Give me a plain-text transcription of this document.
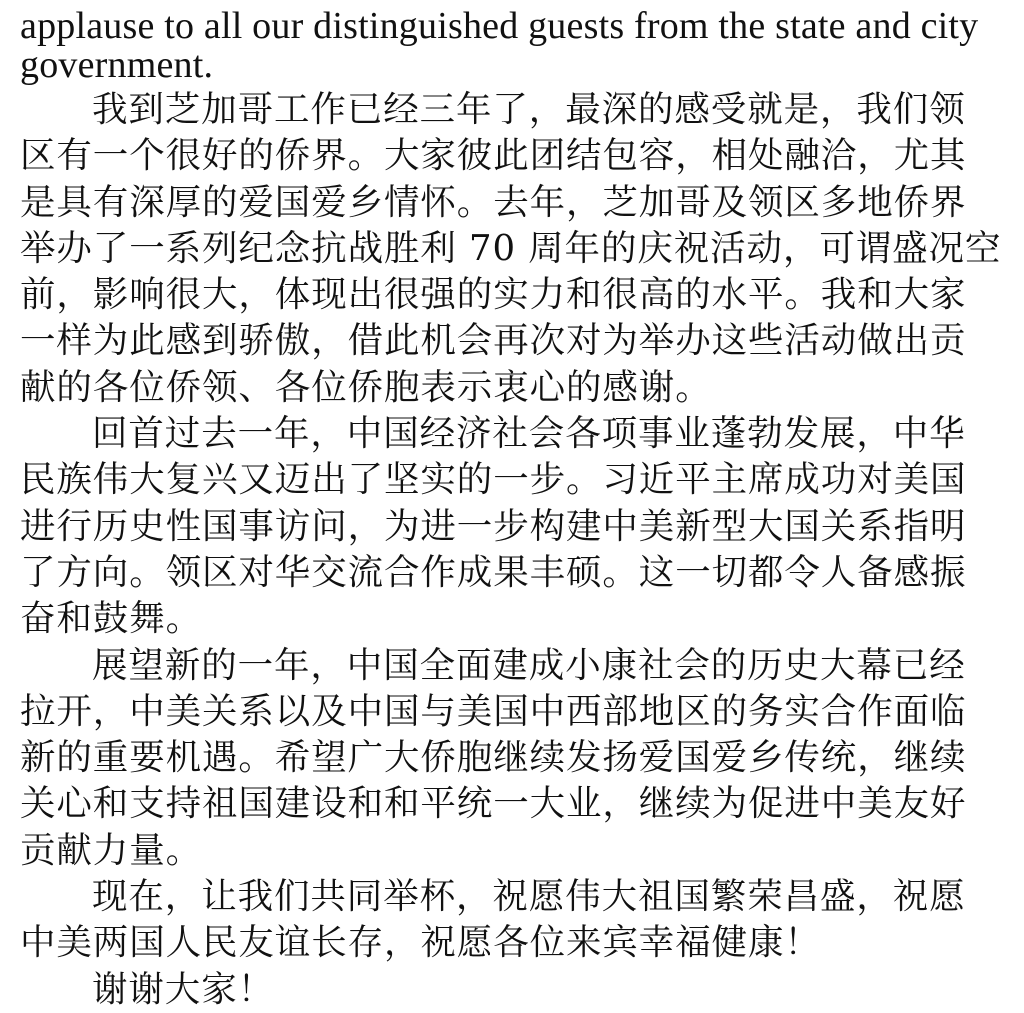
applause to all our distinguished guests from the state and city
government.
我到芝加哥工作已经三年了，最深的感受就是，我们领
区有一个很好的侨界。大家彼此团结包容，相处融洽，尤其
是具有深厚的爱国爱乡情怀。去年，芝加哥及领区多地侨界
举办了一系列纪念抗战胜利 70 周年的庆祝活动，可谓盛况空
前，影响很大，体现出很强的实力和很高的水平。我和大家
一样为此感到骄傲，借此机会再次对为举办这些活动做出贡
献的各位侨领、各位侨胞表示衷心的感谢。
回首过去一年，中国经济社会各项事业蓬勃发展，中华
民族伟大复兴又迈出了坚实的一步。习近平主席成功对美国
进行历史性国事访问，为进一步构建中美新型大国关系指明
了方向。领区对华交流合作成果丰硕。这一切都令人备感振
奋和鼓舞。
展望新的一年，中国全面建成小康社会的历史大幕已经
拉开，中美关系以及中国与美国中西部地区的务实合作面临
新的重要机遇。希望广大侨胞继续发扬爱国爱乡传统，继续
关心和支持祖国建设和和平统一大业，继续为促进中美友好
贡献力量。
现在，让我们共同举杯，祝愿伟大祖国繁荣昌盛，祝愿
中美两国人民友谊长存，祝愿各位来宾幸福健康！
谢谢大家！
